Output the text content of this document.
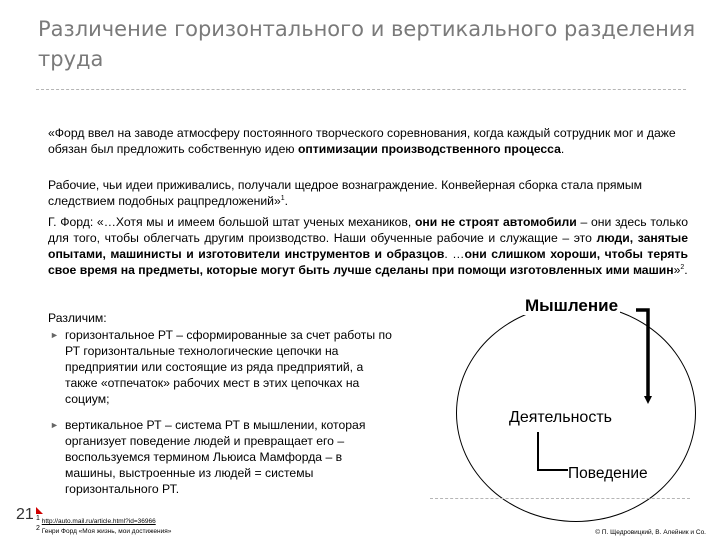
Различение горизонтального и вертикального разделения труда

«Форд ввел на заводе атмосферу постоянного творческого соревнования, когда каждый сотрудник мог и даже обязан был предложить собственную идею оптимизации производственного процесса.

Рабочие, чьи идеи приживались, получали щедрое вознаграждение. Конвейерная сборка стала прямым следствием подобных рацпредложений»$^1$.

Г. Форд: «…Хотя мы и имеем большой штат ученых механиков, они не строят автомобили – они здесь только для того, чтобы облегчать другим производство. Наши обученные рабочие и служащие – это люди, занятые опытами, машинисты и изготовители инструментов и образцов. …они слишком хороши, чтобы терять свое время на предметы, которые могут быть лучше сделаны при помощи изготовленных ими машин»$^2$.

Различим:
► горизонтальное РТ – сформированные за счет работы по РТ горизонтальные технологические цепочки на предприятии или состоящие из ряда предприятий, а также «отпечаток» рабочих мест в этих цепочках на социум;
► вертикальное РТ – система РТ в мышлении, которая организует поведение людей и превращает его – воспользуемся термином Льюиса Мамфорда – в машины, выстроенные из людей = системы горизонтального РТ.
Мышление
Деятельность
Поведение
21 $^1$ http://auto.mail.ru/article.html?id=36966
$^2$ Генри Форд «Моя жизнь, мои достижения»	© П. Щедровицкий, В. Алейник и Со.
